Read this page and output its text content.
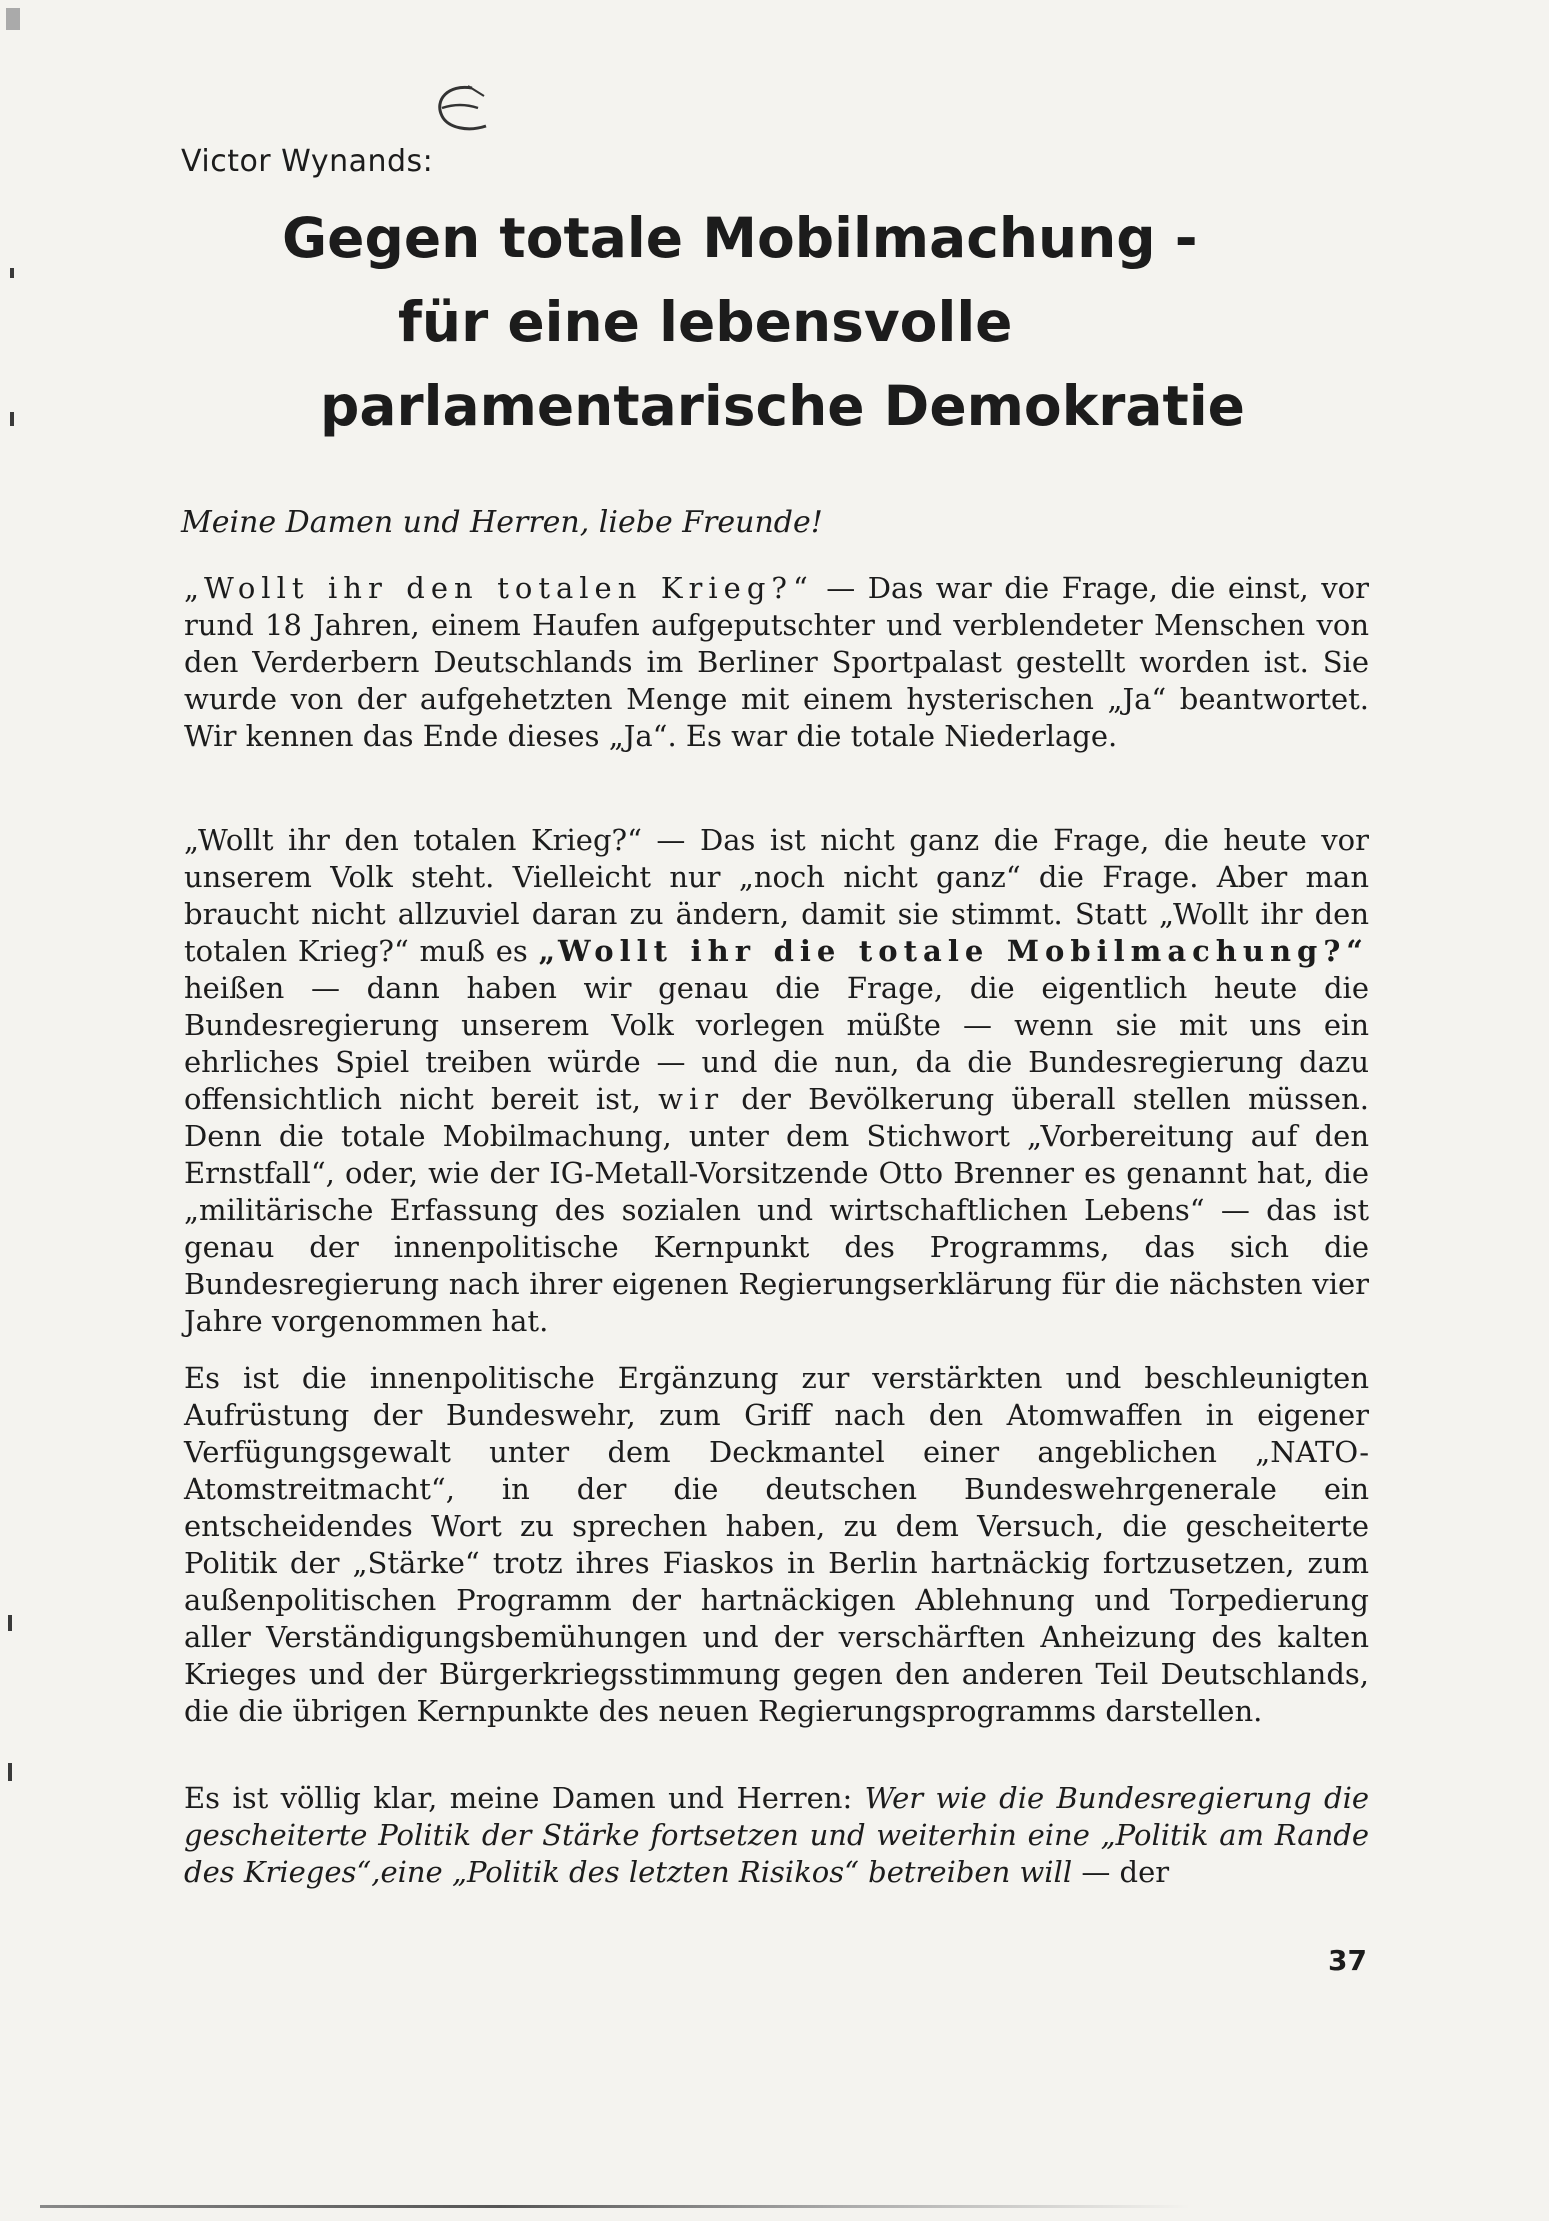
Victor Wynands:
Gegen totale Mobilmachung -
für eine lebensvolle
parlamentarische Demokratie
Meine Damen und Herren, liebe Freunde!

„Wollt ihr den totalen Krieg?“ — Das war die Frage, die einst, vor rund 18 Jahren, einem Haufen aufgeputschter und verblendeter Menschen von den Verderbern Deutschlands im Berliner Sportpalast gestellt worden ist. Sie wurde von der aufgehetzten Menge mit einem hysterischen „Ja“ beantwortet. Wir kennen das Ende dieses „Ja“. Es war die totale Niederlage.

„Wollt ihr den totalen Krieg?“ — Das ist nicht ganz die Frage, die heute vor unserem Volk steht. Vielleicht nur „noch nicht ganz“ die Frage. Aber man braucht nicht allzuviel daran zu ändern, damit sie stimmt. Statt „Wollt ihr den totalen Krieg?“ muß es „Wollt ihr die totale Mobilmachung?“ heißen — dann haben wir genau die Frage, die eigentlich heute die Bundesregierung unserem Volk vorlegen müßte — wenn sie mit uns ein ehrliches Spiel treiben würde — und die nun, da die Bundesregierung dazu offensichtlich nicht bereit ist, wir der Bevölkerung überall stellen müssen. Denn die totale Mobilmachung, unter dem Stichwort „Vorbereitung auf den Ernstfall“, oder, wie der IG-Metall-Vorsitzende Otto Brenner es genannt hat, die „militärische Erfassung des sozialen und wirtschaftlichen Lebens“ — das ist genau der innenpolitische Kernpunkt des Programms, das sich die Bundesregierung nach ihrer eigenen Regierungserklärung für die nächsten vier Jahre vorgenommen hat.

Es ist die innenpolitische Ergänzung zur verstärkten und beschleunigten Aufrüstung der Bundeswehr, zum Griff nach den Atomwaffen in eigener Verfügungsgewalt unter dem Deckmantel einer angeblichen „NATO-Atomstreitmacht“, in der die deutschen Bundeswehrgenerale ein entscheidendes Wort zu sprechen haben, zu dem Versuch, die gescheiterte Politik der „Stärke“ trotz ihres Fiaskos in Berlin hartnäckig fortzusetzen, zum außenpolitischen Programm der hartnäckigen Ablehnung und Torpedierung aller Verständigungsbemühungen und der verschärften Anheizung des kalten Krieges und der Bürgerkriegsstimmung gegen den anderen Teil Deutschlands, die die übrigen Kernpunkte des neuen Regierungsprogramms darstellen.

Es ist völlig klar, meine Damen und Herren: Wer wie die Bundesregierung die gescheiterte Politik der Stärke fortsetzen und weiterhin eine „Politik am Rande des Krieges“,eine „Politik des letzten Risikos“ betreiben will — der

37
